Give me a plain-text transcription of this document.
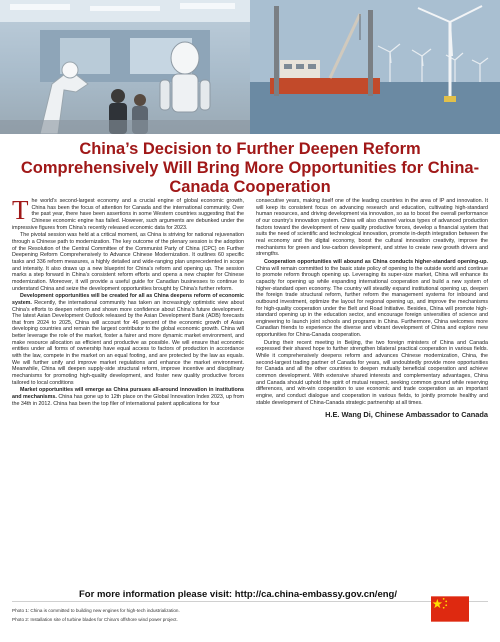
China’s Decision to Further Deepen Reform Comprehensively Will Bring More Opportunities for China-Canada Cooperation

The world’s second-largest economy and a crucial engine of global economic growth, China has been the focus of attention for Canada and the international community. Over the past year, there have been assertions in some Western countries suggesting that the Chinese economic engine has failed. However, such arguments are debunked under the impressive figures from China’s recently released economic data for 2023.

The pivotal session was held at a critical moment, as China is striving for national rejuvenation through a Chinese path to modernization. The key outcome of the plenary session is the adoption of the Resolution of the Central Committee of the Communist Party of China (CPC) on Further Deepening Reform Comprehensively to Advance Chinese Modernization. It outlines 60 specific tasks and 336 reform measures, a highly detailed and wide-ranging plan unprecedented in scope and intensity. It also draws up a new blueprint for China’s reform and opening up. The session marks a step forward in China’s consistent reform efforts and opens a new chapter for Chinese modernization. Moreover, it will provide a useful guide for Canadian businesses to continue to understand China and seize the development opportunities brought by China’s further reform.

Development opportunities will be created for all as China deepens reform of economic system. Recently, the international community has taken an increasingly optimistic view about China’s efforts to deepen reform and shown more confidence about China’s future development. The latest Asian Development Outlook released by the Asian Development Bank (ADB) forecasts that from 2024 to 2025, China will account for 46 percent of the economic growth of Asian developing countries and remain the largest contributor to the global economic growth. China will better leverage the role of the market, foster a fairer and more dynamic market environment, and make resource allocation as efficient and productive as possible. We will ensure that economic entities under all forms of ownership have equal access to factors of production in accordance with the law, compete in the market on an equal footing, and are protected by the law as equals. We will further unify and improve market regulations and enhance the market environment. Meanwhile, China will deepen supply-side structural reform, improve incentive and disciplinary mechanisms for promoting high-quality development, and foster new quality productive forces tailored to local conditions

Market opportunities will emerge as China pursues all-around innovation in institutions and mechanisms. China has gone up to 12th place on the Global Innovation Index 2023, up from the 34th in 2012. China has been the top filer of international patent applications for four

consecutive years, making itself one of the leading countries in the area of IP and innovation. It will keep its consistent focus on advancing research and education, cultivating high-standard human resources, and driving development via innovation, so as to boost the overall performance of our country’s innovation system. China will also channel various types of advanced production factors toward the development of new quality productive forces, develop a financial system that suits the need of scientific and technological innovation, promote in-depth integration between the real economy and the digital economy, boost the cultural innovation creativity, improve the mechanisms for green and low-carbon development, and strive to create new growth drivers and strengths.

Cooperation opportunities will abound as China conducts higher-standard opening-up. China will remain committed to the basic state policy of opening to the outside world and continue to promote reform through opening up. Leveraging its super-size market, China will enhance its capacity for opening up while expanding international cooperation and build a new system of higher-standard open economy. The country will steadily expand institutional opening up, deepen the foreign trade structural reform, further reform the management systems for inbound and outbound investment, optimize the layout for regional opening up, and improve the mechanisms for high-quality cooperation under the Belt and Road Initiative. Besides, China will promote high-standard opening up in the education sector, and encourage foreign universities of science and engineering to launch joint schools and programs in China. Furthermore, China welcomes more Canadian friends to experience the diverse and vibrant development of China and explore new opportunities for China-Canada cooperation.

During their recent meeting in Beijing, the two foreign ministers of China and Canada expressed their shared hope to further strengthen bilateral practical cooperation in various fields. While it comprehensively deepens reform and advances Chinese modernization, China, the second-largest trading partner of Canada for years, will undoubtedly provide more opportunities for Canada and all the other countries to deepen mutually beneficial cooperation and achieve common development. With extensive shared interests and complementary advantages, China and Canada should uphold the spirit of mutual respect, seeking common ground while reserving differences, and win-win cooperation to use economic and trade cooperation as an important engine, and conduct dialogue and cooperation in various fields, to jointly promote healthy and stable development of China-Canada strategic partnership at all times.

H.E. Wang Di, Chinese Ambassador to Canada
For more information please visit: http://ca.china-embassy.gov.cn/eng/
Photo 1: China is committed to building new engines for high-tech industrialization.
Photo 2: Installation site of turbine blades for China’s offshore wind power project.
